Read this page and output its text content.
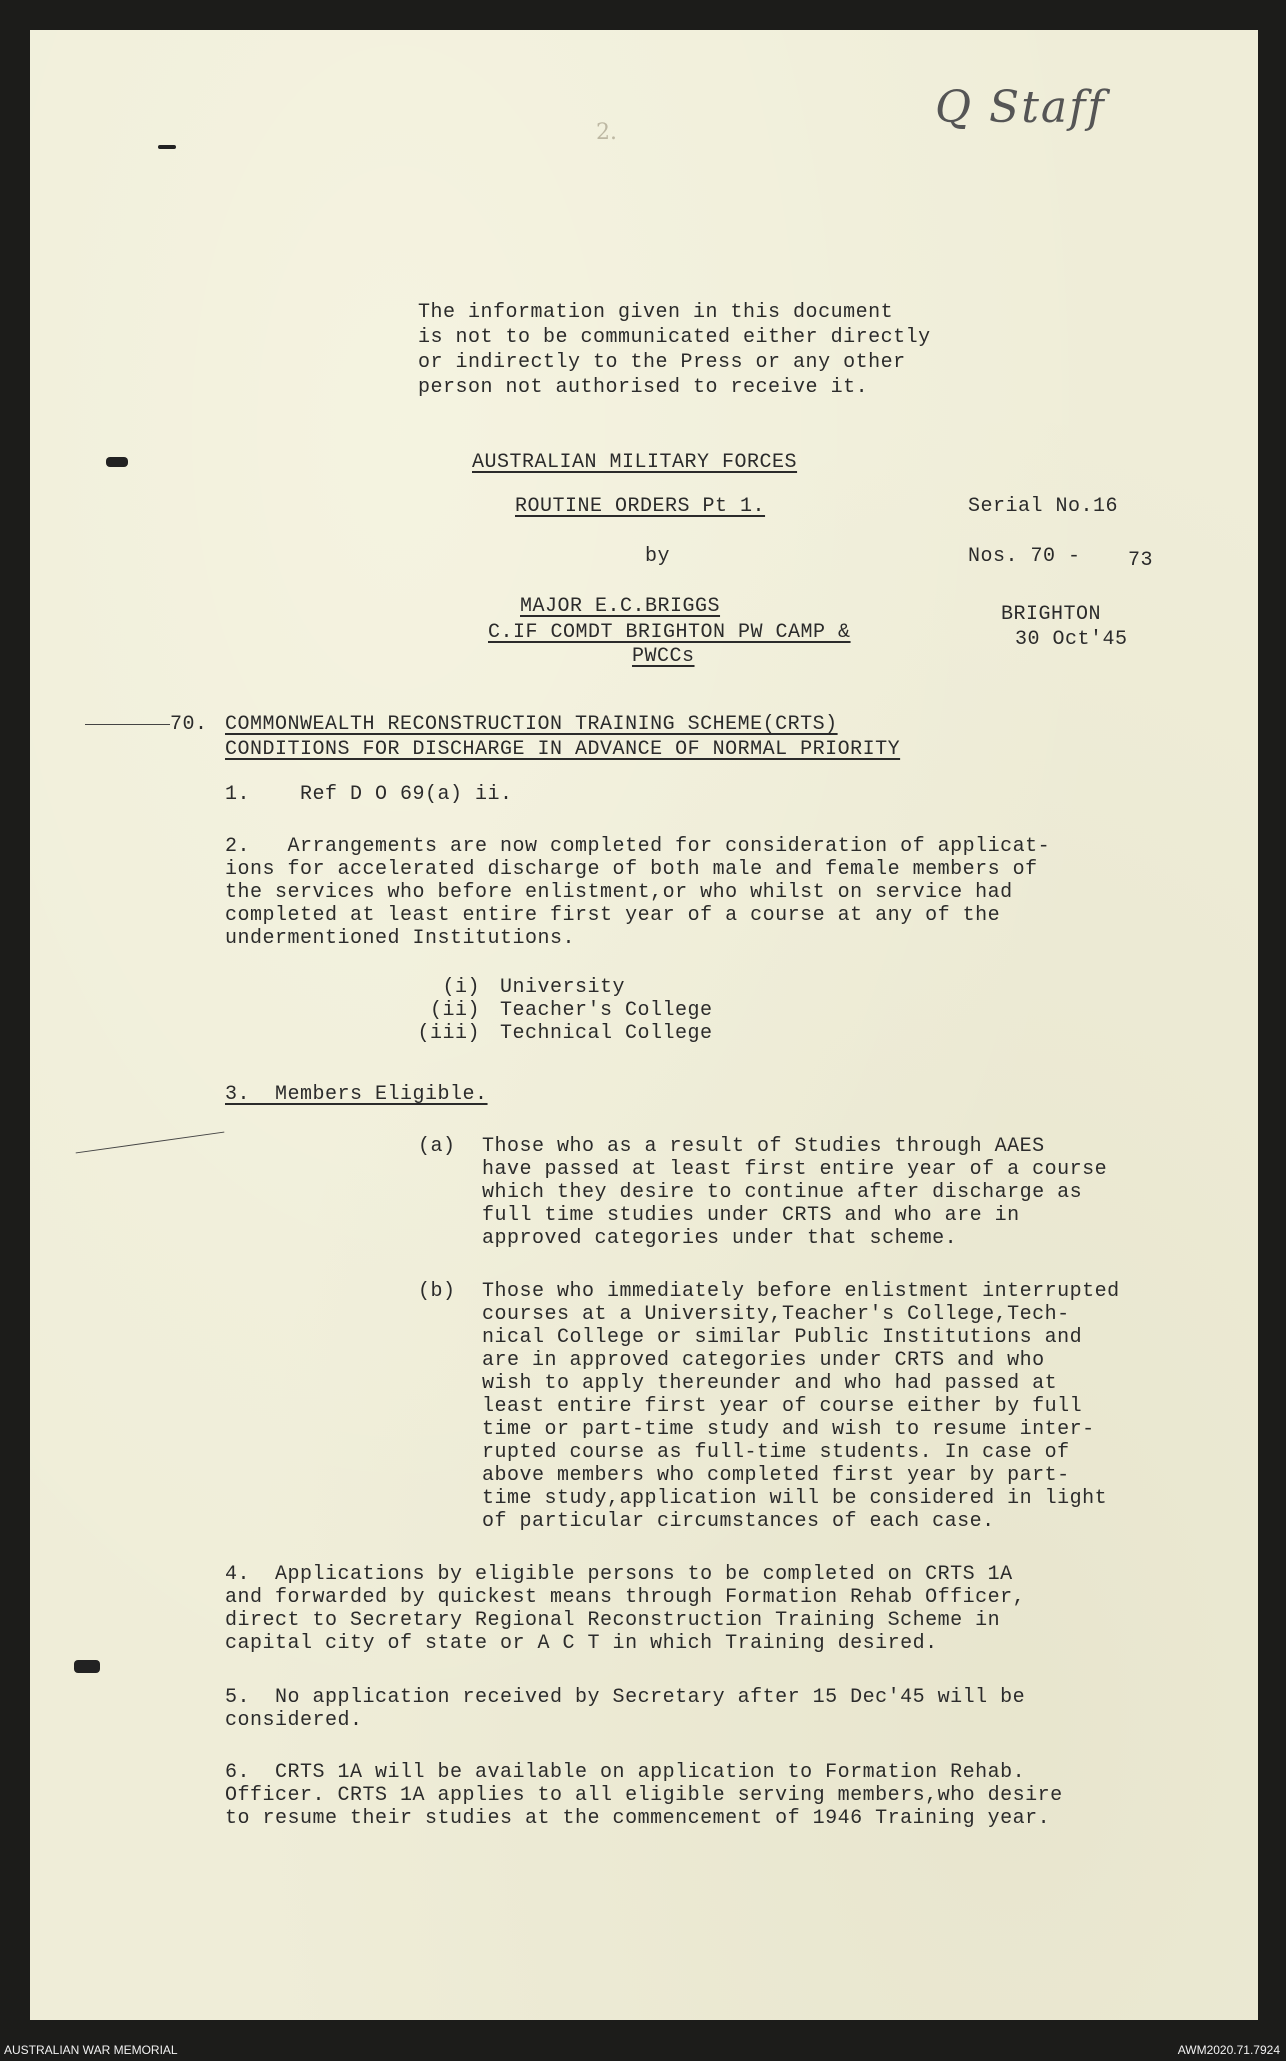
Q Staff
2.
The information given in this document
is not to be communicated either directly
or indirectly to the Press or any other
person not authorised to receive it.
AUSTRALIAN MILITARY FORCES
ROUTINE ORDERS Pt 1.	Serial No.16
by	Nos. 70 - 73
MAJOR E.C.BRIGGS
C.IF COMDT BRIGHTON PW CAMP &
PWCCs
BRIGHTON
30 Oct'45
70. COMMONWEALTH RECONSTRUCTION TRAINING SCHEME(CRTS)
CONDITIONS FOR DISCHARGE IN ADVANCE OF NORMAL PRIORITY
1.    Ref D O 69(a) ii.
2.   Arrangements are now completed for consideration of applicat-
ions for accelerated discharge of both male and female members of
the services who before enlistment,or who whilst on service had
completed at least entire first year of a course at any of the
undermentioned Institutions.
(i) University
(ii) Teacher's College
(iii) Technical College
3.  Members Eligible.
(a) Those who as a result of Studies through AAES
have passed at least first entire year of a course
which they desire to continue after discharge as
full time studies under CRTS and who are in
approved categories under that scheme.
(b) Those who immediately before enlistment interrupted
courses at a University,Teacher's College,Tech-
nical College or similar Public Institutions and
are in approved categories under CRTS and who
wish to apply thereunder and who had passed at
least entire first year of course either by full
time or part-time study and wish to resume inter-
rupted course as full-time students. In case of
above members who completed first year by part-
time study,application will be considered in light
of particular circumstances of each case.
4.  Applications by eligible persons to be completed on CRTS 1A
and forwarded by quickest means through Formation Rehab Officer,
direct to Secretary Regional Reconstruction Training Scheme in
capital city of state or A C T in which Training desired.
5.  No application received by Secretary after 15 Dec'45 will be
considered.
6.  CRTS 1A will be available on application to Formation Rehab.
Officer. CRTS 1A applies to all eligible serving members,who desire
to resume their studies at the commencement of 1946 Training year.
AUSTRALIAN WAR MEMORIAL	AWM2020.71.7924
